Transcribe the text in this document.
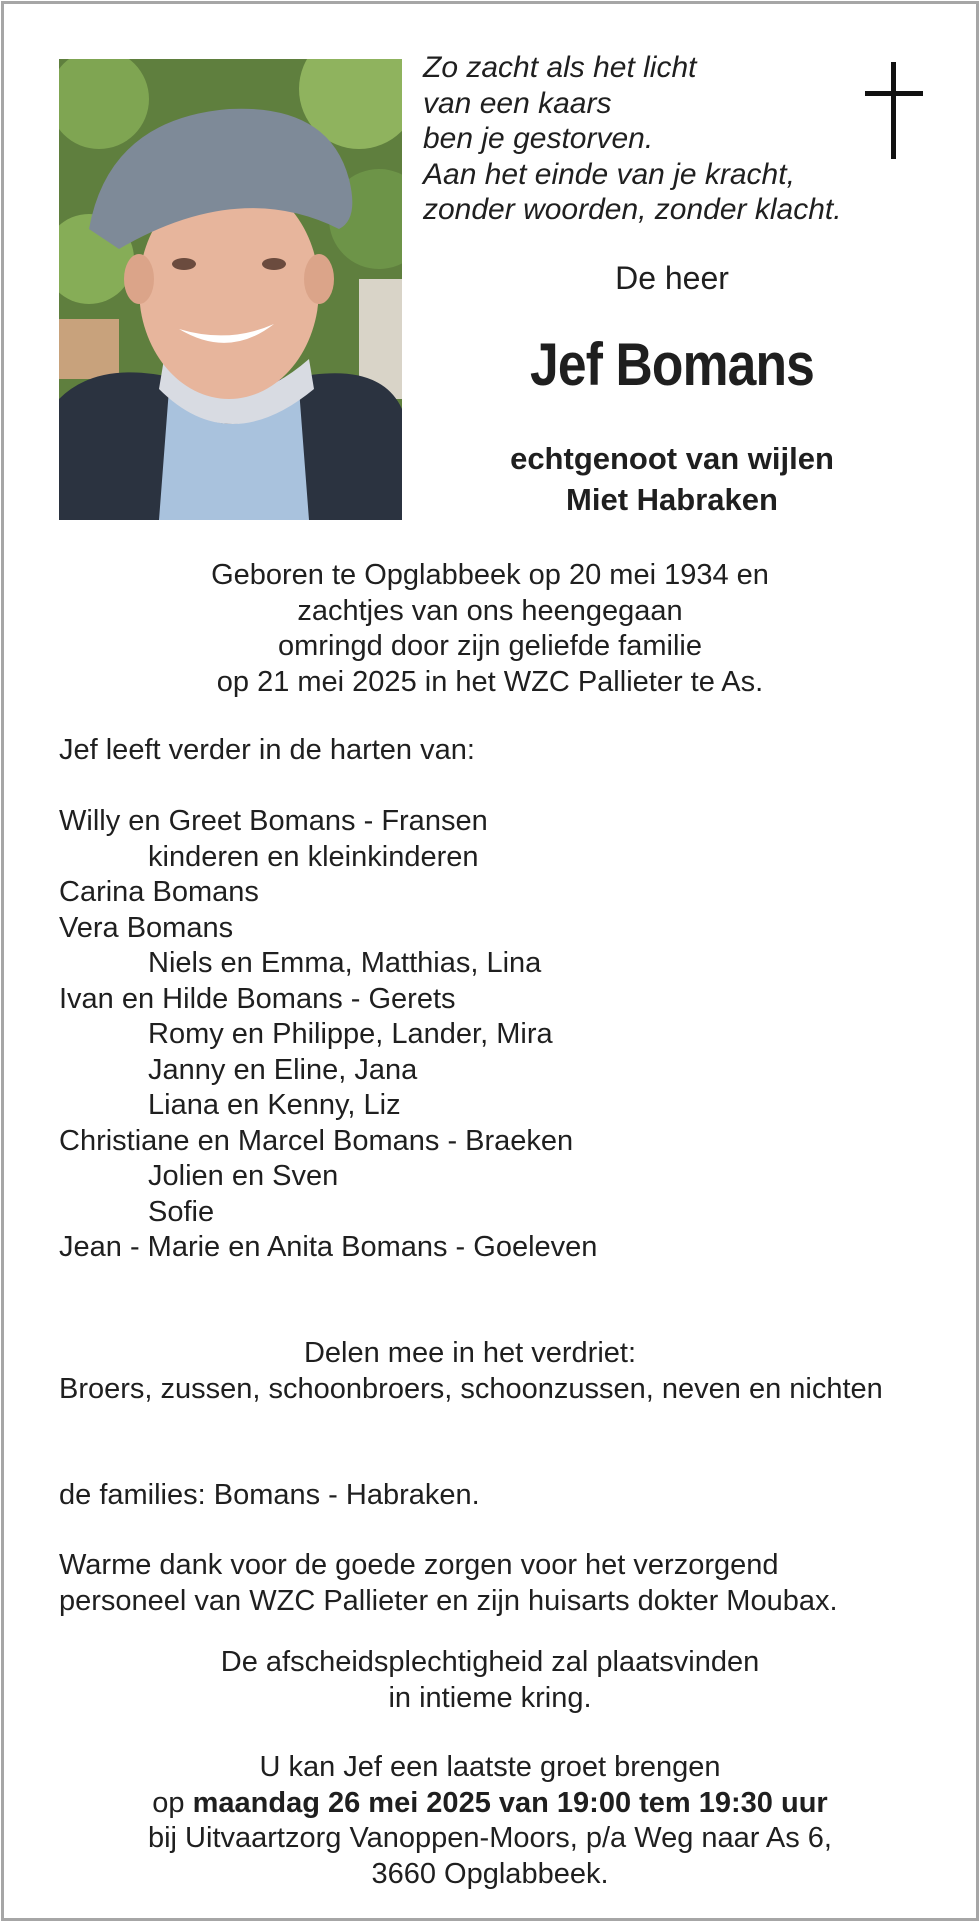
Zo zacht als het licht
van een kaars
ben je gestorven.
Aan het einde van je kracht,
zonder woorden, zonder klacht.
De heer
Jef Bomans
echtgenoot van wijlen
Miet Habraken
Geboren te Opglabbeek op 20 mei 1934 en
zachtjes van ons heengegaan
omringd door zijn geliefde familie
op 21 mei 2025 in het WZC Pallieter te As.
Jef leeft verder in de harten van:
Willy en Greet Bomans - Fransen
kinderen en kleinkinderen
Carina Bomans
Vera Bomans
Niels en Emma, Matthias, Lina
Ivan en Hilde Bomans - Gerets
Romy en Philippe, Lander, Mira
Janny en Eline, Jana
Liana en Kenny, Liz
Christiane en Marcel Bomans - Braeken
Jolien en Sven
Sofie
Jean - Marie en Anita Bomans - Goeleven
Delen mee in het verdriet:
Broers, zussen, schoonbroers, schoonzussen, neven en nichten
de families: Bomans - Habraken.
Warme dank voor de goede zorgen voor het verzorgend
personeel van WZC Pallieter en zijn huisarts dokter Moubax.
De afscheidsplechtigheid zal plaatsvinden
in intieme kring.
U kan Jef een laatste groet brengen
op maandag 26 mei 2025 van 19:00 tem 19:30 uur
bij Uitvaartzorg Vanoppen-Moors, p/a Weg naar As 6,
3660 Opglabbeek.
